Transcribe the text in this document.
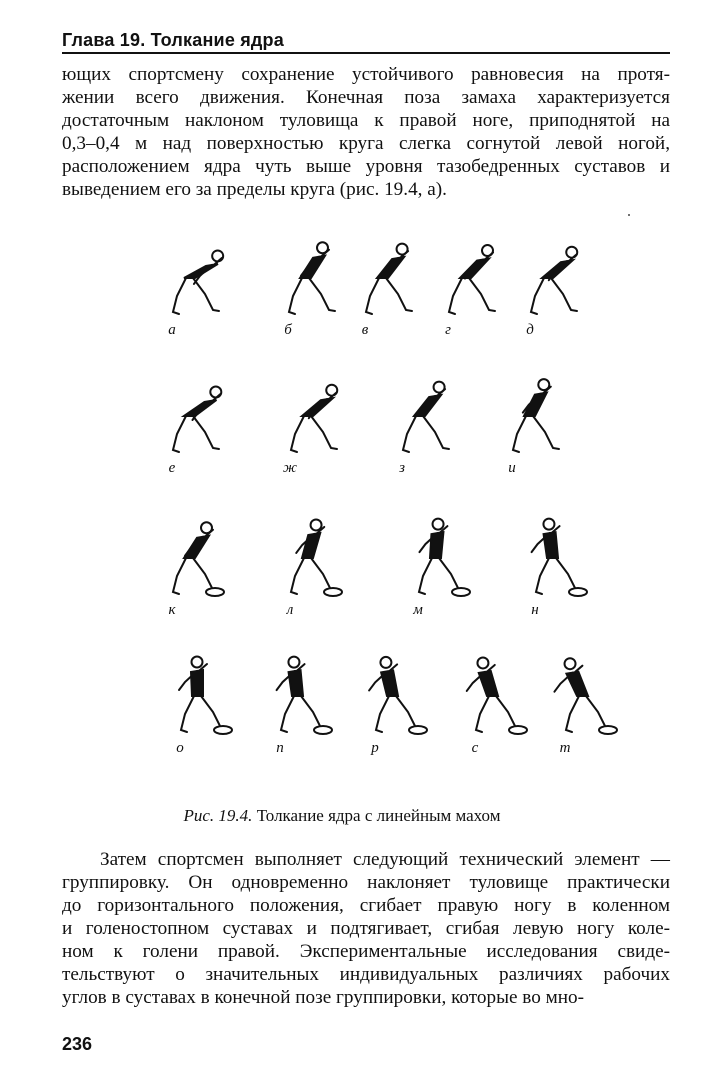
Глава 19. Толкание ядра
ющих спортсмену сохранение устойчивого равновесия на протя-
жении всего движения. Конечная поза замаха характеризуется
достаточным наклоном туловища к правой ноге, приподнятой на
0,3–0,4 м над поверхностью круга слегка согнутой левой ногой,
расположением ядра чуть выше уровня тазобедренных суставов и
выведением его за пределы круга (рис. 19.4, а).
а	б	в	г	д
е	ж	з	и
к	л	м	н
о	п	р	с	т
Рис. 19.4. Толкание ядра с линейным махом
Затем спортсмен выполняет следующий технический элемент —
группировку. Он одновременно наклоняет туловище практически
до горизонтального положения, сгибает правую ногу в коленном
и голеностопном суставах и подтягивает, сгибая левую ногу коле-
ном к голени правой. Экспериментальные исследования свиде-
тельствуют о значительных индивидуальных различиях рабочих
углов в суставах в конечной позе группировки, которые во мно-
236
